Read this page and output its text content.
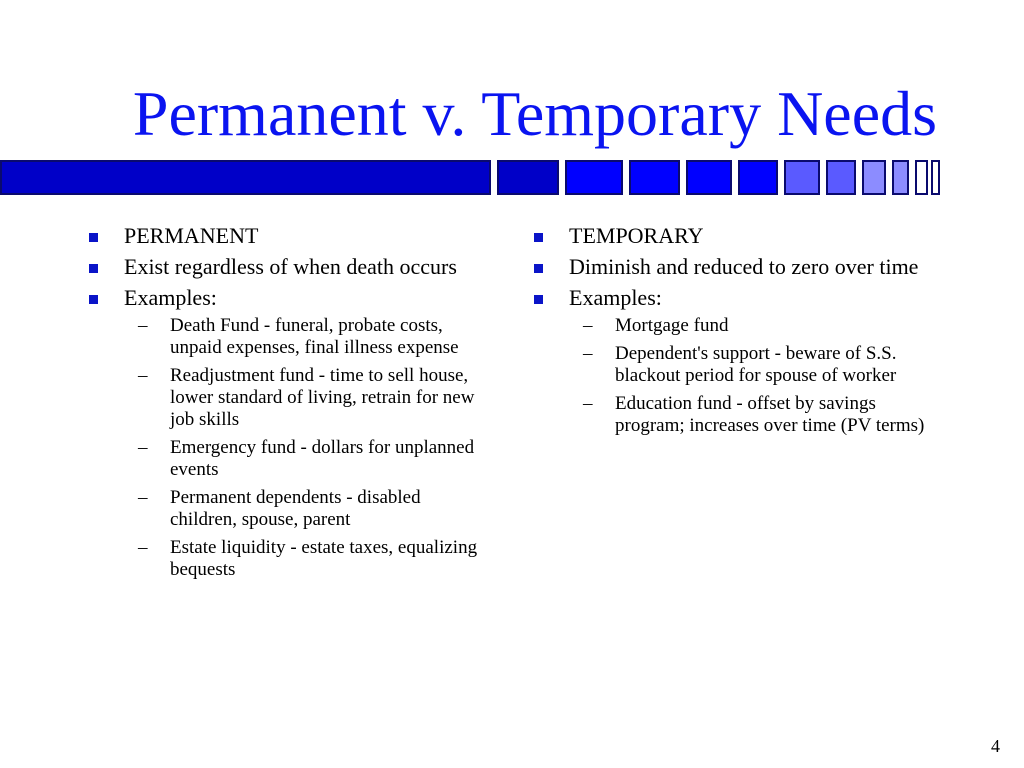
Permanent v. Temporary Needs
PERMANENT
Exist regardless of when death occurs
Examples:
– Death Fund - funeral, probate costs, unpaid expenses, final illness expense
– Readjustment fund - time to sell house, lower standard of living, retrain for new job skills
– Emergency fund - dollars for unplanned events
– Permanent dependents - disabled children, spouse, parent
– Estate liquidity - estate taxes, equalizing bequests
TEMPORARY
Diminish and reduced to zero over time
Examples:
– Mortgage fund
– Dependent's support - beware of S.S. blackout period for spouse of worker
– Education fund - offset by savings program; increases over time (PV terms)
4
